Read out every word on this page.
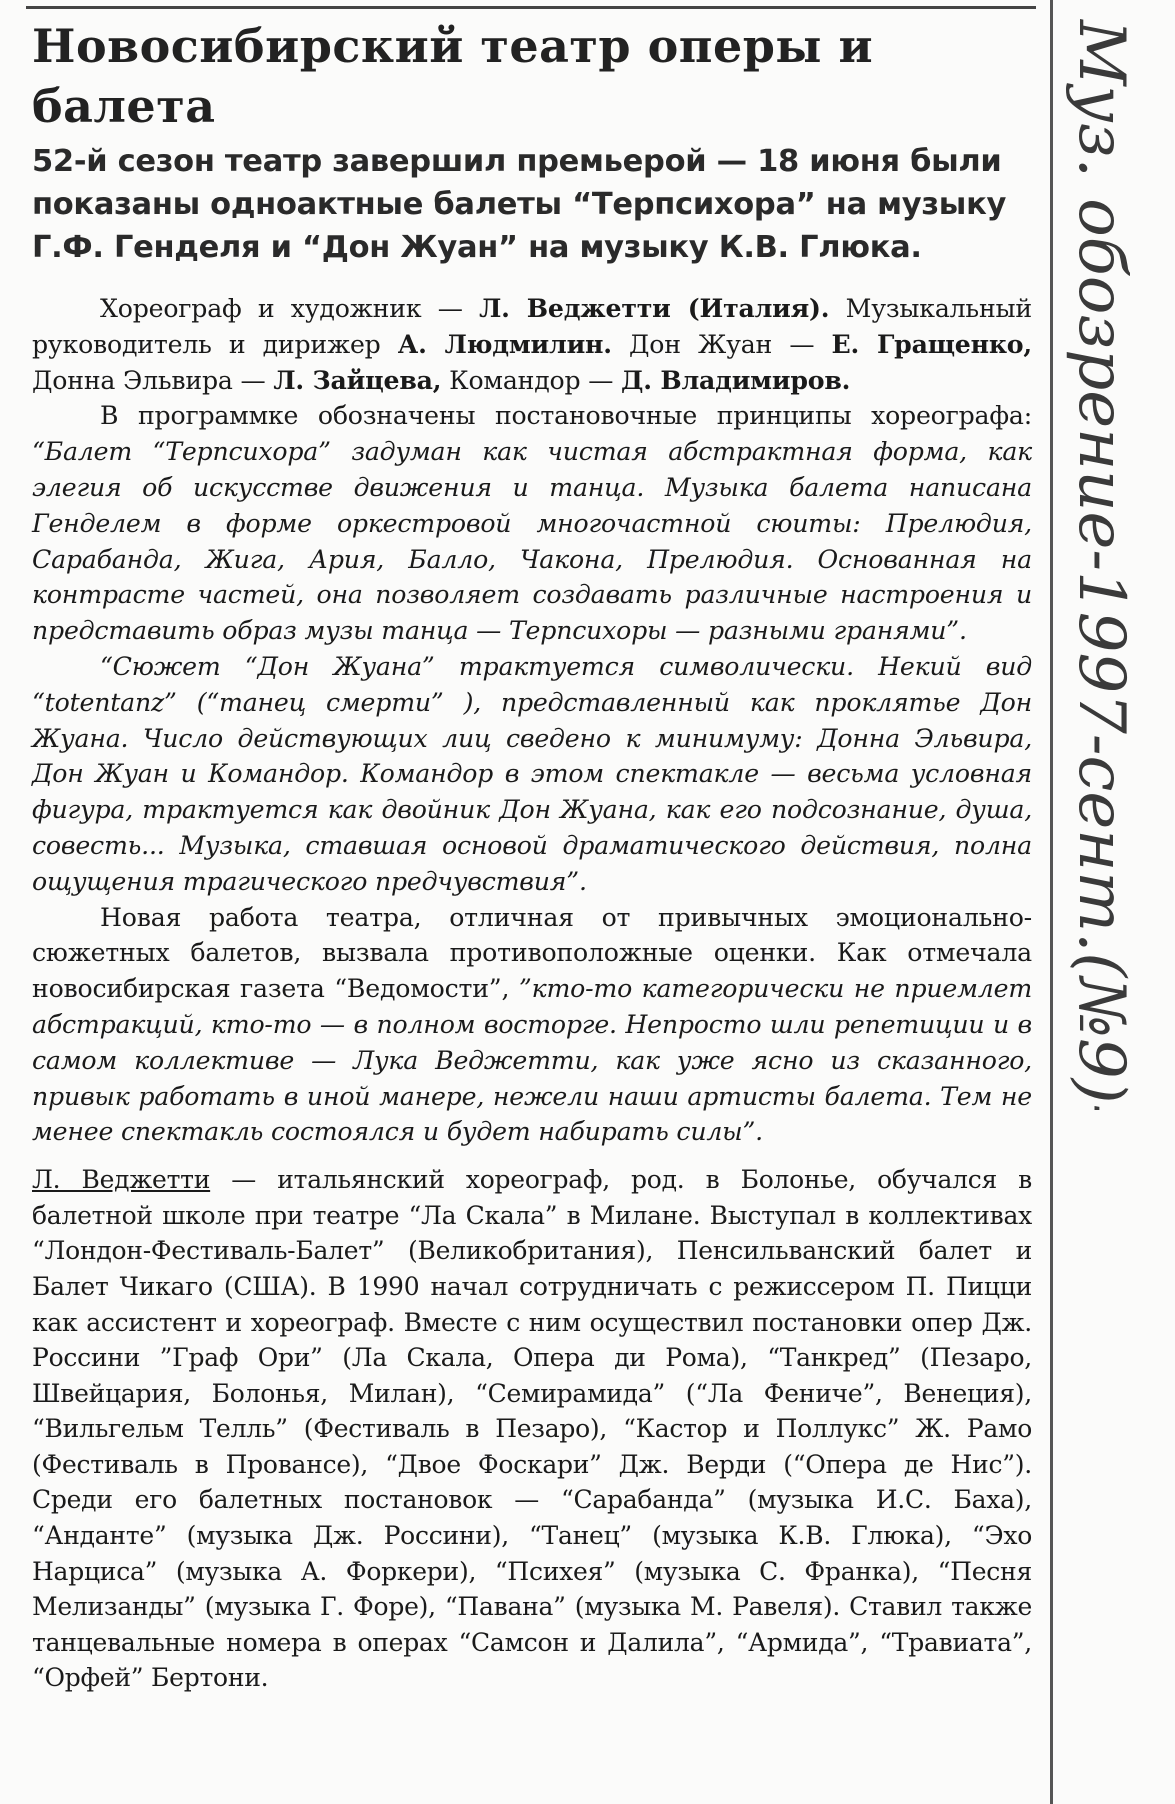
Новосибирский театр оперы и балета
52-й сезон театр завершил премьерой — 18 июня были показаны одноактные балеты “Терпсихора” на музыку Г.Ф. Генделя и “Дон Жуан” на музыку К.В. Глюка.

Хореограф и художник — Л. Веджетти (Италия). Музыкальный руководитель и дирижер А. Людмилин. Дон Жуан — Е. Гращенко, Донна Эльвира — Л. Зайцева, Командор — Д. Владимиров.

В программке обозначены постановочные принципы хореографа: “Балет “Терпсихора” задуман как чистая абстрактная форма, как элегия об искусстве движения и танца. Музыка балета написана Генделем в форме оркестровой многочастной сюиты: Прелюдия, Сарабанда, Жига, Ария, Балло, Чакона, Прелюдия. Основанная на контрасте частей, она позволяет создавать различные настроения и представить образ музы танца — Терпсихоры — разными гранями”.

“Сюжет “Дон Жуана” трактуется символически. Некий вид “totentanz” (“танец смерти” ), представленный как проклятье Дон Жуана. Число действующих лиц сведено к минимуму: Донна Эльвира, Дон Жуан и Командор. Командор в этом спектакле — весьма условная фигура, трактуется как двойник Дон Жуана, как его подсознание, душа, совесть... Музыка, ставшая основой драматического действия, полна ощущения трагического предчувствия”.

Новая работа театра, отличная от привычных эмоционально-сюжетных балетов, вызвала противоположные оценки. Как отмечала новосибирская газета “Ведомости”, ”кто-то категорически не приемлет абстракций, кто-то — в полном восторге. Непросто шли репетиции и в самом коллективе — Лука Веджетти, как уже ясно из сказанного, привык работать в иной манере, нежели наши артисты балета. Тем не менее спектакль состоялся и будет набирать силы”.

Л. Веджетти — итальянский хореограф, род. в Болонье, обучался в балетной школе при театре “Ла Скала” в Милане. Выступал в коллективах “Лондон-Фестиваль-Балет” (Великобритания), Пенсильванский балет и Балет Чикаго (США). В 1990 начал сотрудничать с режиссером П. Пицци как ассистент и хореограф. Вместе с ним осуществил постановки опер Дж. Россини ”Граф Ори” (Ла Скала, Опера ди Рома), “Танкред” (Пезаро, Швейцария, Болонья, Милан), “Семирамида” (“Ла Феничe”, Венеция), “Вильгельм Телль” (Фестиваль в Пезаро), “Кастор и Поллукс” Ж. Рамо (Фестиваль в Провансе), “Двое Фоскари” Дж. Верди (“Опера де Нис”). Среди его балетных постановок — “Сарабанда” (музыка И.С. Баха), “Анданте” (музыка Дж. Россини), “Танец” (музыка К.В. Глюка), “Эхо Нарциса” (музыка А. Форкери), “Психея” (музыка С. Франка), “Песня Мелизанды” (музыка Г. Форе), “Павана” (музыка М. Равеля). Ставил также танцевальные номера в операх “Самсон и Далила”, “Армида”, “Травиата”, “Орфей” Бертони.

Муз. обозрение-1997-сент.(№9)-С.9
